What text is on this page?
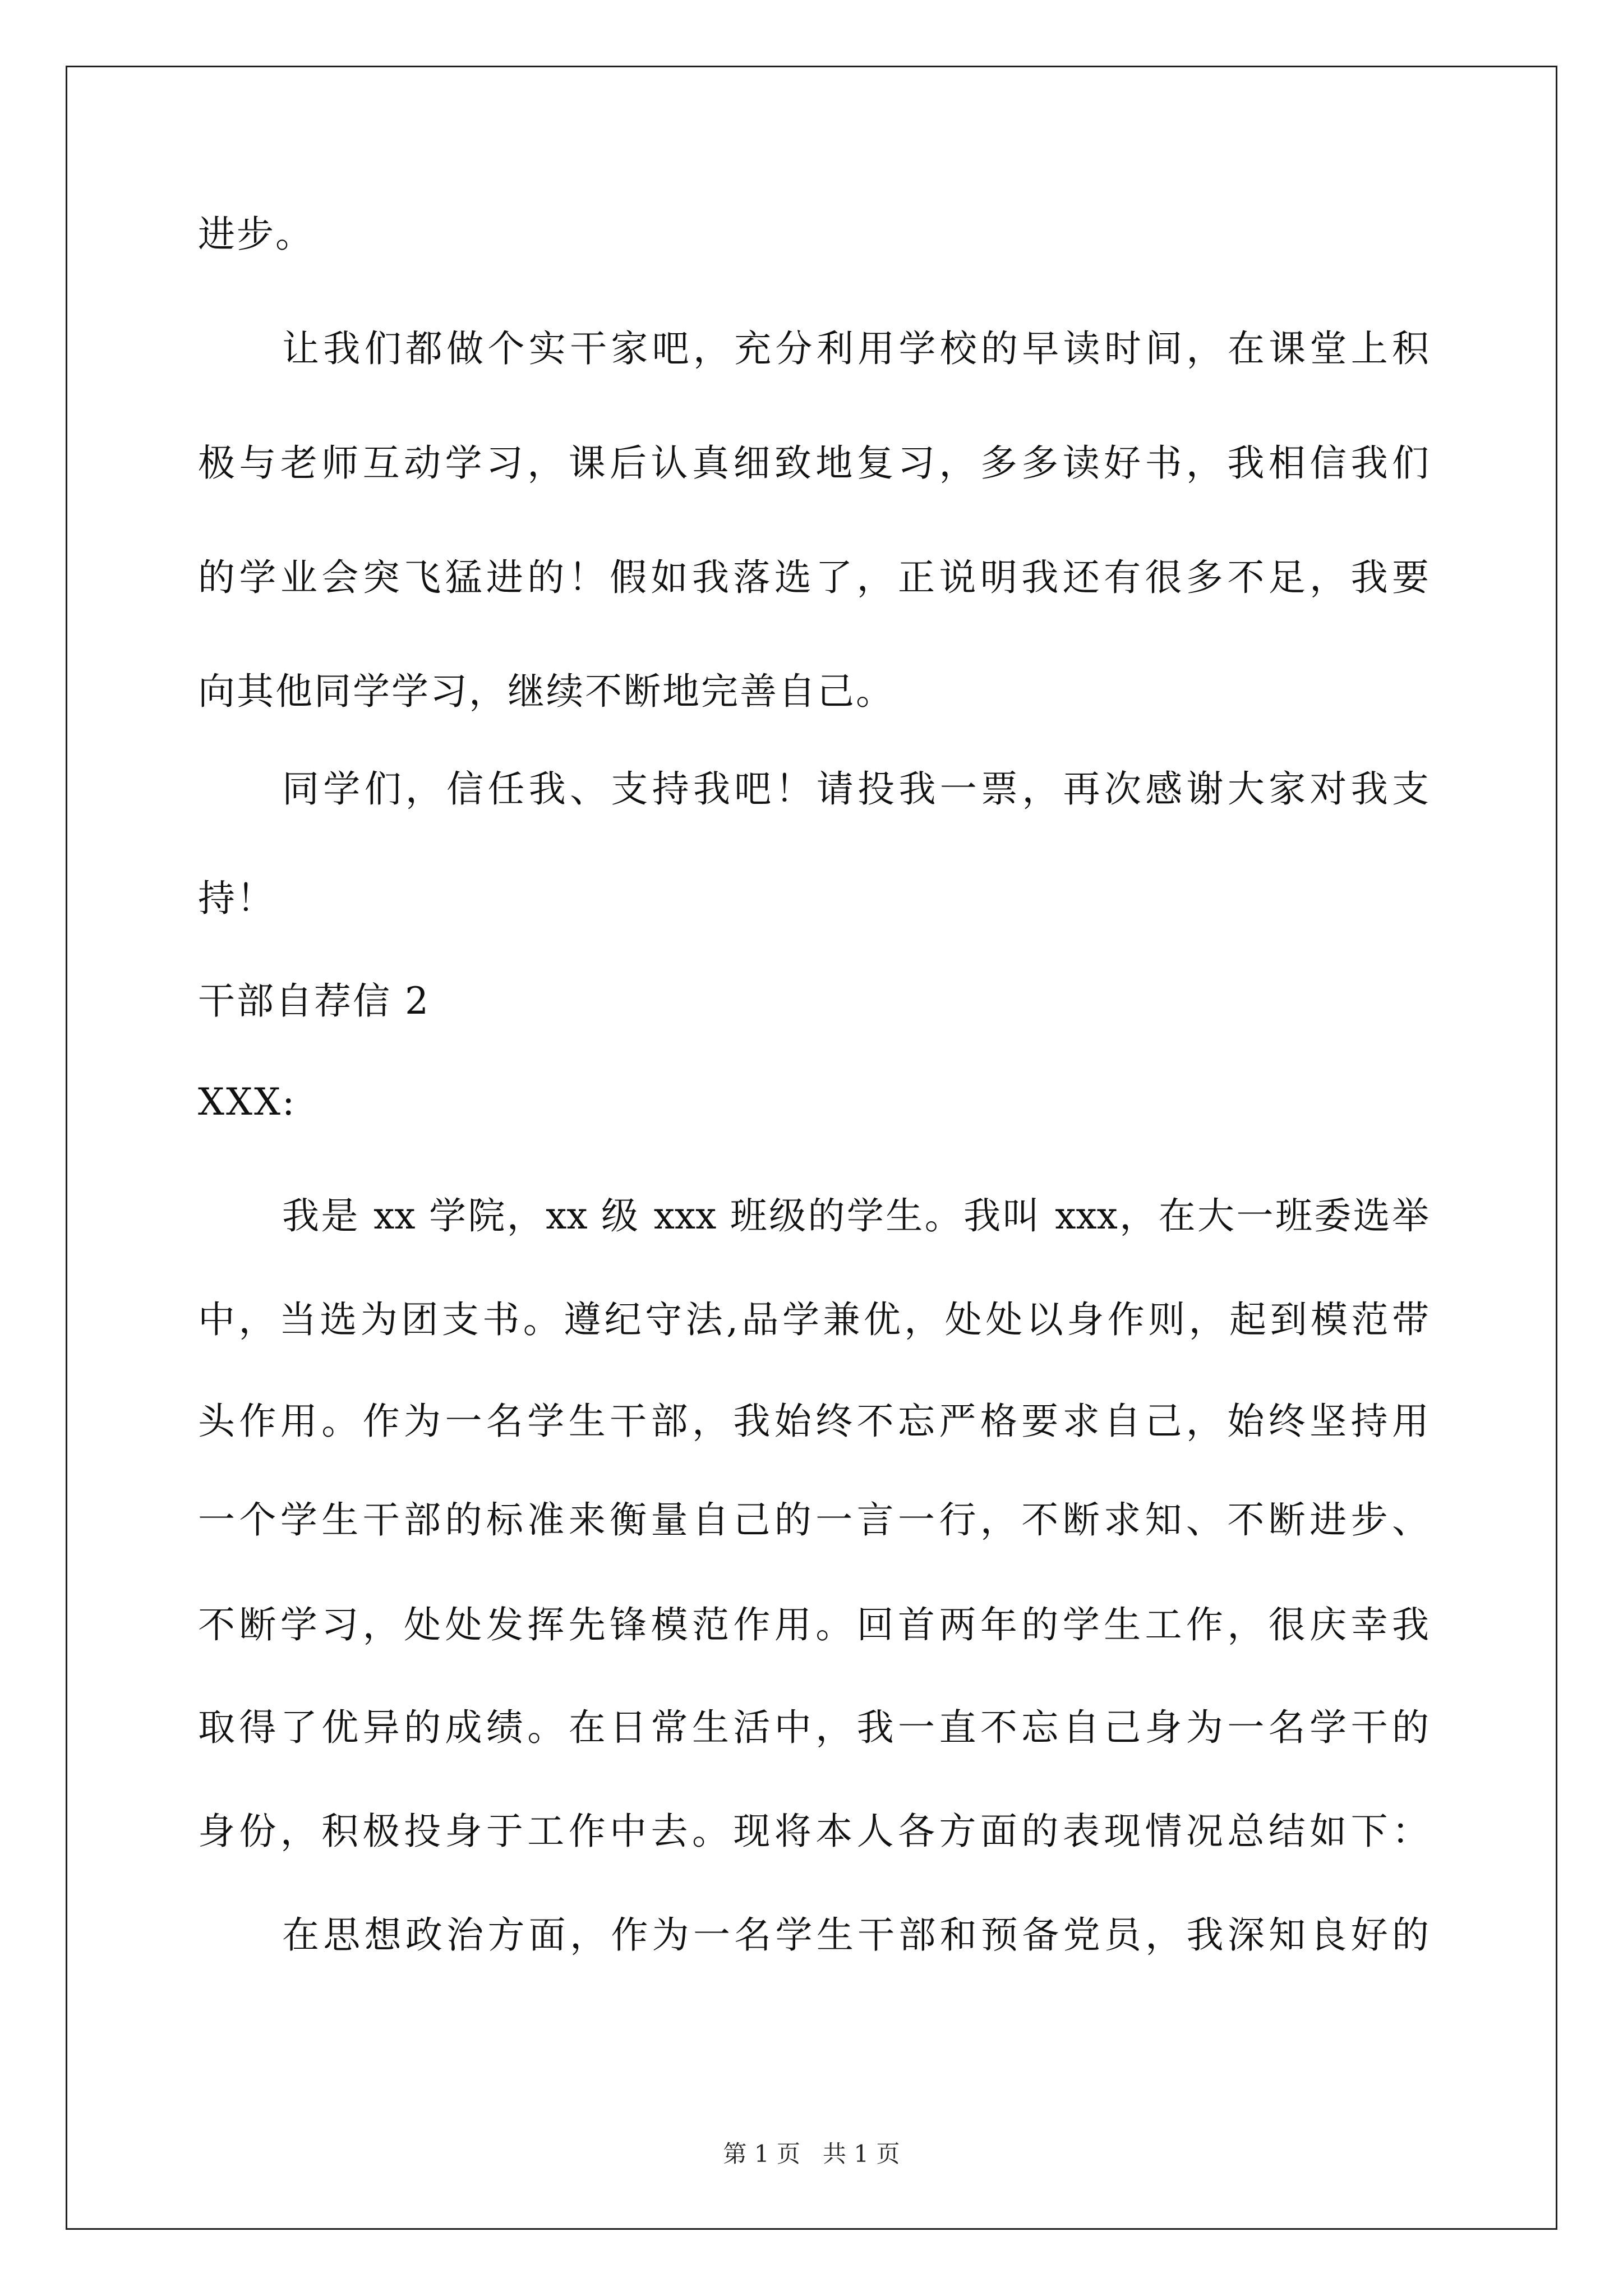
进步。
让我们都做个实干家吧，充分利用学校的早读时间，在课堂上积
极与老师互动学习，课后认真细致地复习，多多读好书，我相信我们
的学业会突飞猛进的！假如我落选了，正说明我还有很多不足，我要
向其他同学学习，继续不断地完善自己。
同学们，信任我、支持我吧！请投我一票，再次感谢大家对我支
持！
干部自荐信 2
XXX:
我是 xx 学院，xx 级 xxx 班级的学生。我叫 xxx，在大一班委选举
中，当选为团支书。遵纪守法,品学兼优，处处以身作则，起到模范带
头作用。作为一名学生干部，我始终不忘严格要求自己，始终坚持用
一个学生干部的标准来衡量自己的一言一行，不断求知、不断进步、
不断学习，处处发挥先锋模范作用。回首两年的学生工作，很庆幸我
取得了优异的成绩。在日常生活中，我一直不忘自己身为一名学干的
身份，积极投身于工作中去。现将本人各方面的表现情况总结如下：
在思想政治方面，作为一名学生干部和预备党员，我深知良好的
第 1 页   共 1 页
